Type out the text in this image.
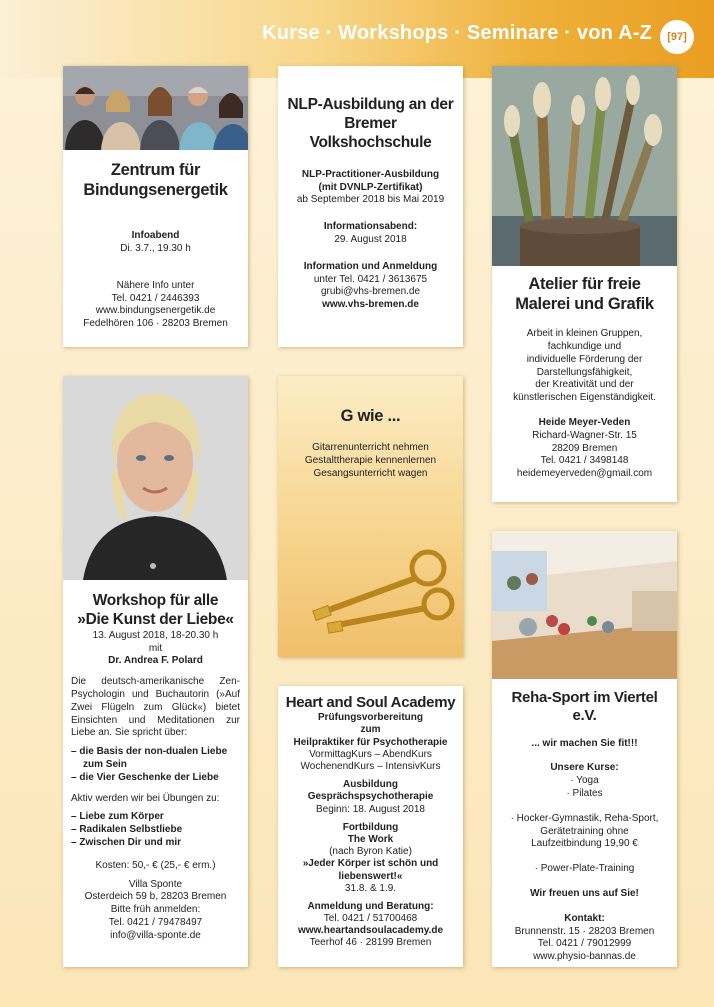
Kurse · Workshops · Seminare · von A-Z	[97]
Zentrum für
Bindungsenergetik
Infoabend
Di. 3.7., 19.30 h
Nähere Info unter
Tel. 0421 / 2446393
www.bindungsenergetik.de
Fedelhören 106 · 28203 Bremen
NLP-Ausbildung an der
Bremer Volkshochschule
NLP-Practitioner-Ausbildung
(mit DVNLP-Zertifikat)
ab September 2018 bis Mai 2019
Informationsabend:
29. August 2018
Information und Anmeldung
unter Tel. 0421 / 3613675
grubi@vhs-bremen.de
www.vhs-bremen.de
Atelier für freie
Malerei und Grafik
Arbeit in kleinen Gruppen,
fachkundige und
individuelle Förderung der
Darstellungsfähigkeit,
der Kreativität und der
künstlerischen Eigenständigkeit.
Heide Meyer-Veden
Richard-Wagner-Str. 15
28209 Bremen
Tel. 0421 / 3498148
heidemeyerveden@gmail.com
Workshop für alle
»Die Kunst der Liebe«
13. August 2018, 18-20.30 h
mit
Dr. Andrea F. Polard
Die deutsch-amerikanische Zen-Psychologin und Buchautorin (»Auf Zwei Flügeln zum Glück«) bietet Einsichten und Meditationen zur Liebe an. Sie spricht über:
– die Basis der non-dualen Liebe zum Sein
– die Vier Geschenke der Liebe
Aktiv werden wir bei Übungen zu:
– Liebe zum Körper
– Radikalen Selbstliebe
– Zwischen Dir und mir
Kosten: 50,- € (25,- € erm.)
Villa Sponte
Osterdeich 59 b, 28203 Bremen
Bitte früh anmelden:
Tel. 0421 / 79478497
info@villa-sponte.de
G wie ...
Gitarrenunterricht nehmen
Gestalttherapie kennenlernen
Gesangsunterricht wagen
Heart and Soul Academy
Prüfungsvorbereitung
zum
Heilpraktiker für Psychotherapie
VormittagKurs – AbendKurs
WochenendKurs – IntensivKurs
Ausbildung
Gesprächspsychotherapie
Beginn: 18. August 2018
Fortbildung
The Work
(nach Byron Katie)
»Jeder Körper ist schön und
liebenswert!«
31.8. & 1.9.
Anmeldung und Beratung:
Tel. 0421 / 51700468
www.heartandsoulacademy.de
Teerhof 46 · 28199 Bremen
Reha-Sport im Viertel e.V.
... wir machen Sie fit!!!
Unsere Kurse:
· Yoga
· Pilates
· Hocker-Gymnastik, Reha-Sport,
Gerätetraining ohne
Laufzeitbindung 19,90 €
· Power-Plate-Training
Wir freuen uns auf Sie!
Kontakt:
Brunnenstr. 15 · 28203 Bremen
Tel. 0421 / 79012999
www.physio-bannas.de
